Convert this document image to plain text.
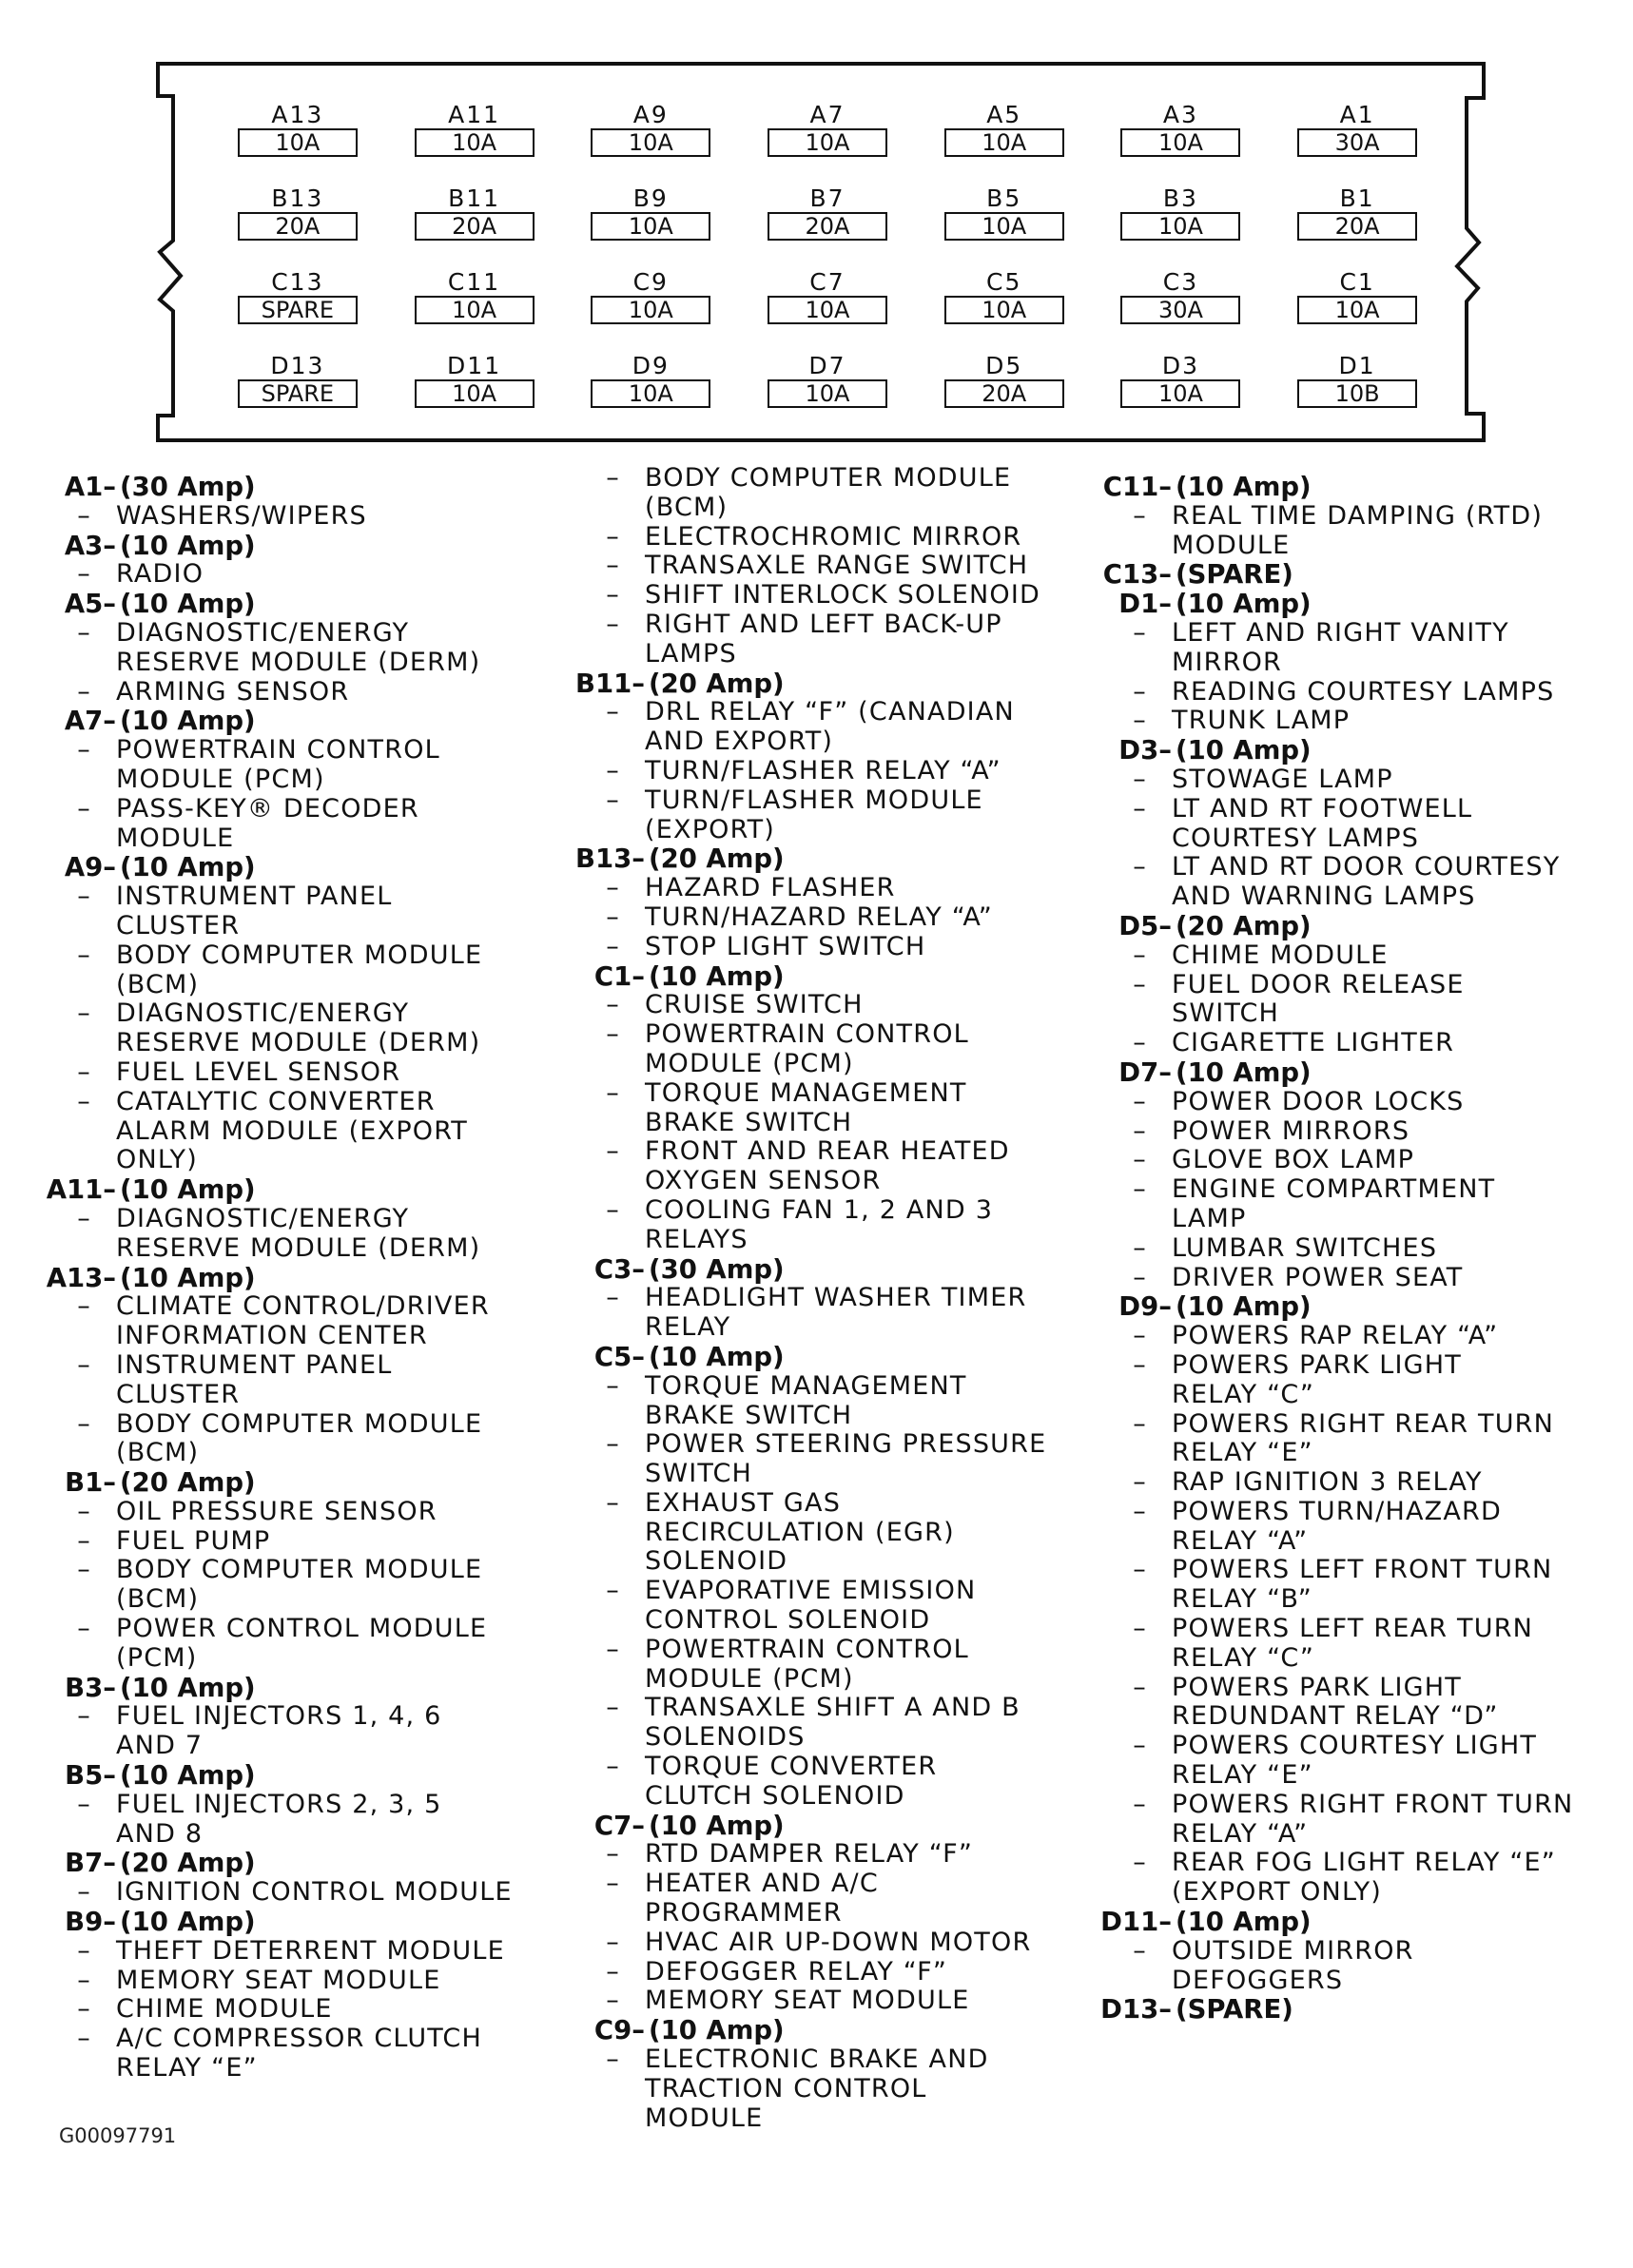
A13
10A
A11
10A
A9
10A
A7
10A
A5
10A
A3
10A
A1
30A
B13
20A
B11
20A
B9
10A
B7
20A
B5
10A
B3
10A
B1
20A
C13
SPARE
C11
10A
C9
10A
C7
10A
C5
10A
C3
30A
C1
10A
D13
SPARE
D11
10A
D9
10A
D7
10A
D5
20A
D3
10A
D1
10B
A1– (30 Amp)
– WASHERS/WIPERS
A3– (10 Amp)
– RADIO
A5– (10 Amp)
– DIAGNOSTIC/ENERGY
RESERVE MODULE (DERM)
– ARMING SENSOR
A7– (10 Amp)
– POWERTRAIN CONTROL
MODULE (PCM)
– PASS-KEY® DECODER
MODULE
A9– (10 Amp)
– INSTRUMENT PANEL
CLUSTER
– BODY COMPUTER MODULE
(BCM)
– DIAGNOSTIC/ENERGY
RESERVE MODULE (DERM)
– FUEL LEVEL SENSOR
– CATALYTIC CONVERTER
ALARM MODULE (EXPORT
ONLY)
A11– (10 Amp)
– DIAGNOSTIC/ENERGY
RESERVE MODULE (DERM)
A13– (10 Amp)
– CLIMATE CONTROL/DRIVER
INFORMATION CENTER
– INSTRUMENT PANEL
CLUSTER
– BODY COMPUTER MODULE
(BCM)
B1– (20 Amp)
– OIL PRESSURE SENSOR
– FUEL PUMP
– BODY COMPUTER MODULE
(BCM)
– POWER CONTROL MODULE
(PCM)
B3– (10 Amp)
– FUEL INJECTORS 1, 4, 6
AND 7
B5– (10 Amp)
– FUEL INJECTORS 2, 3, 5
AND 8
B7– (20 Amp)
– IGNITION CONTROL MODULE
B9– (10 Amp)
– THEFT DETERRENT MODULE
– MEMORY SEAT MODULE
– CHIME MODULE
– A/C COMPRESSOR CLUTCH
RELAY “E”
– BODY COMPUTER MODULE
(BCM)
– ELECTROCHROMIC MIRROR
– TRANSAXLE RANGE SWITCH
– SHIFT INTERLOCK SOLENOID
– RIGHT AND LEFT BACK-UP
LAMPS
B11– (20 Amp)
– DRL RELAY “F” (CANADIAN
AND EXPORT)
– TURN/FLASHER RELAY “A”
– TURN/FLASHER MODULE
(EXPORT)
B13– (20 Amp)
– HAZARD FLASHER
– TURN/HAZARD RELAY “A”
– STOP LIGHT SWITCH
C1– (10 Amp)
– CRUISE SWITCH
– POWERTRAIN CONTROL
MODULE (PCM)
– TORQUE MANAGEMENT
BRAKE SWITCH
– FRONT AND REAR HEATED
OXYGEN SENSOR
– COOLING FAN 1, 2 AND 3
RELAYS
C3– (30 Amp)
– HEADLIGHT WASHER TIMER
RELAY
C5– (10 Amp)
– TORQUE MANAGEMENT
BRAKE SWITCH
– POWER STEERING PRESSURE
SWITCH
– EXHAUST GAS
RECIRCULATION (EGR)
SOLENOID
– EVAPORATIVE EMISSION
CONTROL SOLENOID
– POWERTRAIN CONTROL
MODULE (PCM)
– TRANSAXLE SHIFT A AND B
SOLENOIDS
– TORQUE CONVERTER
CLUTCH SOLENOID
C7– (10 Amp)
– RTD DAMPER RELAY “F”
– HEATER AND A/C
PROGRAMMER
– HVAC AIR UP-DOWN MOTOR
– DEFOGGER RELAY “F”
– MEMORY SEAT MODULE
C9– (10 Amp)
– ELECTRONIC BRAKE AND
TRACTION CONTROL
MODULE
C11– (10 Amp)
– REAL TIME DAMPING (RTD)
MODULE
C13– (SPARE)
D1– (10 Amp)
– LEFT AND RIGHT VANITY
MIRROR
– READING COURTESY LAMPS
– TRUNK LAMP
D3– (10 Amp)
– STOWAGE LAMP
– LT AND RT FOOTWELL
COURTESY LAMPS
– LT AND RT DOOR COURTESY
AND WARNING LAMPS
D5– (20 Amp)
– CHIME MODULE
– FUEL DOOR RELEASE
SWITCH
– CIGARETTE LIGHTER
D7– (10 Amp)
– POWER DOOR LOCKS
– POWER MIRRORS
– GLOVE BOX LAMP
– ENGINE COMPARTMENT
LAMP
– LUMBAR SWITCHES
– DRIVER POWER SEAT
D9– (10 Amp)
– POWERS RAP RELAY “A”
– POWERS PARK LIGHT
RELAY “C”
– POWERS RIGHT REAR TURN
RELAY “E”
– RAP IGNITION 3 RELAY
– POWERS TURN/HAZARD
RELAY “A”
– POWERS LEFT FRONT TURN
RELAY “B”
– POWERS LEFT REAR TURN
RELAY “C”
– POWERS PARK LIGHT
REDUNDANT RELAY “D”
– POWERS COURTESY LIGHT
RELAY “E”
– POWERS RIGHT FRONT TURN
RELAY “A”
– REAR FOG LIGHT RELAY “E”
(EXPORT ONLY)
D11– (10 Amp)
– OUTSIDE MIRROR
DEFOGGERS
D13– (SPARE)
G00097791
